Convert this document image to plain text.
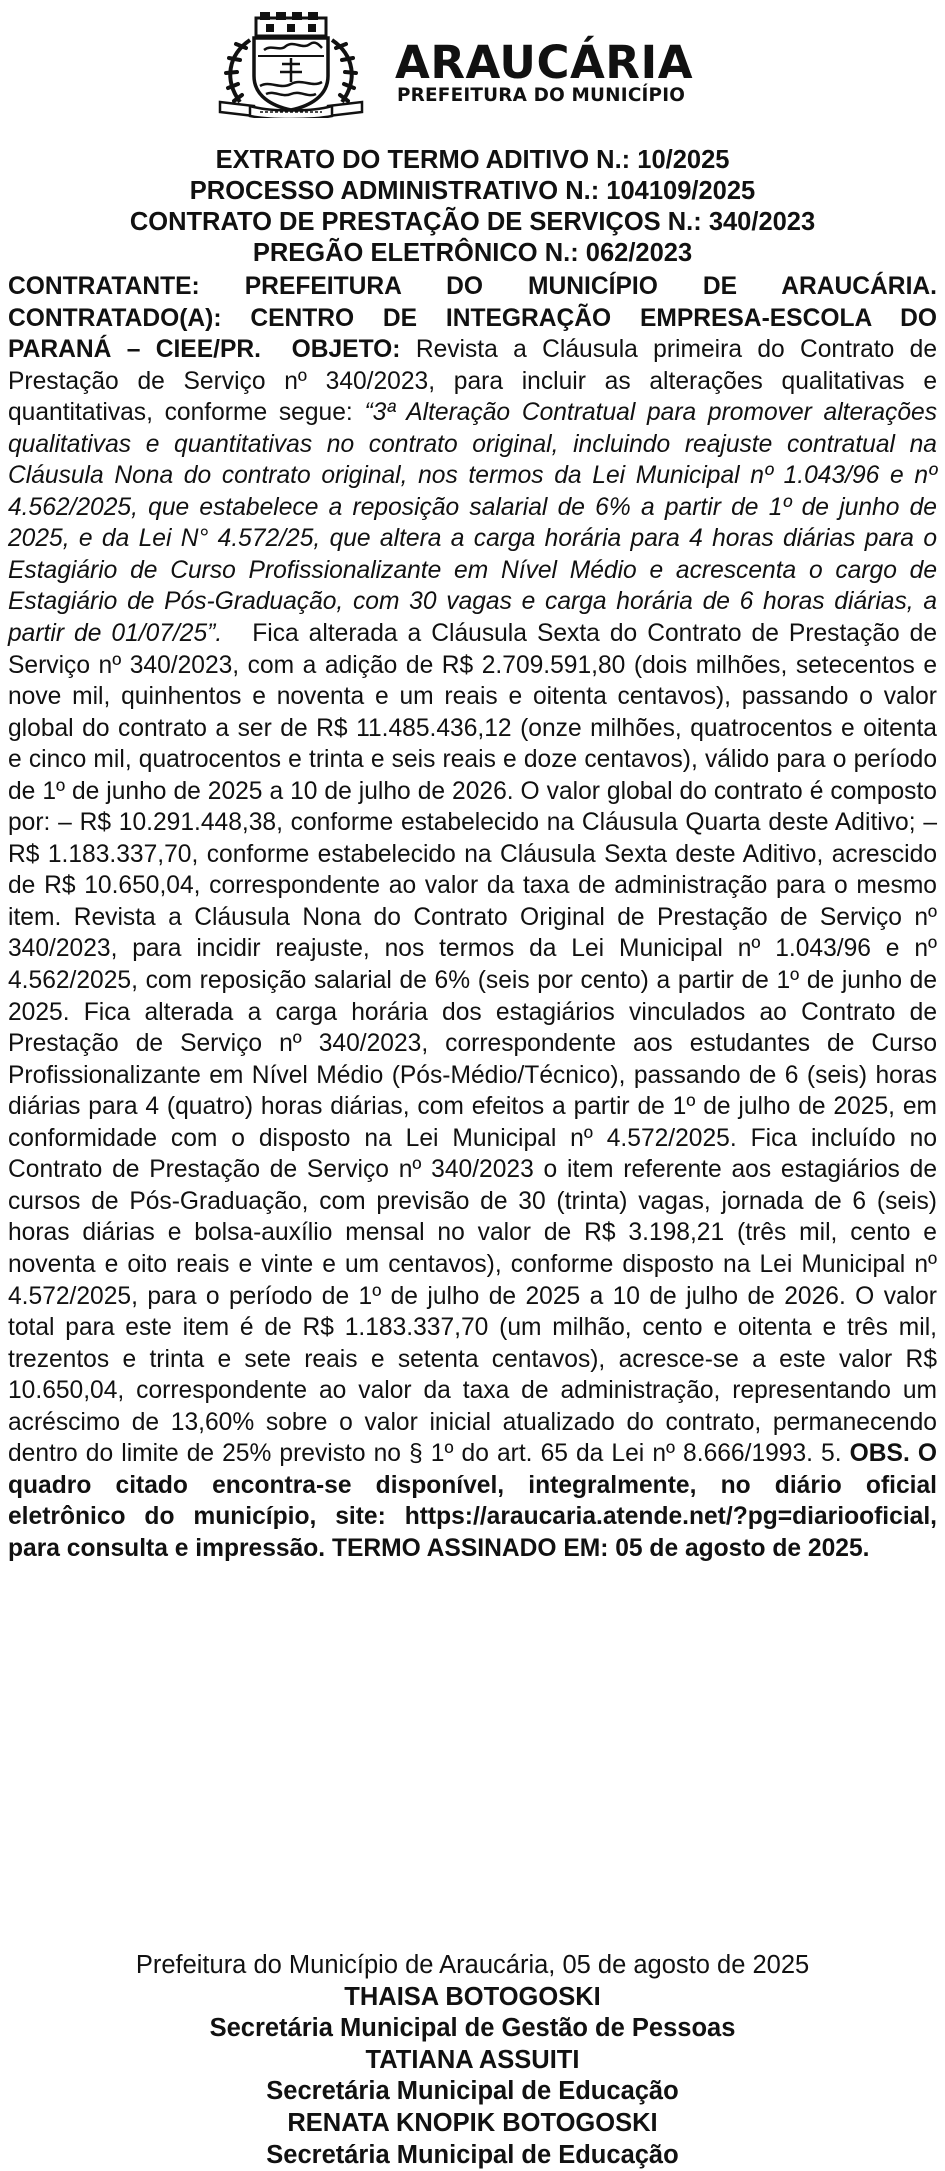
ARAUCÁRIA
PREFEITURA DO MUNICÍPIO
EXTRATO DO TERMO ADITIVO N.: 10/2025
PROCESSO ADMINISTRATIVO N.: 104109/2025
CONTRATO DE PRESTAÇÃO DE SERVIÇOS N.: 340/2023
PREGÃO ELETRÔNICO N.: 062/2023

CONTRATANTE: PREFEITURA DO MUNICÍPIO DE ARAUCÁRIA. CONTRATADO(A): CENTRO DE INTEGRAÇÃO EMPRESA-ESCOLA DO PARANÁ – CIEE/PR. OBJETO: Revista a Cláusula primeira do Contrato de Prestação de Serviço nº 340/2023, para incluir as alterações qualitativas e quantitativas, conforme segue: “3ª Alteração Contratual para promover alterações qualitativas e quantitativas no contrato original, incluindo reajuste contratual na Cláusula Nona do contrato original, nos termos da Lei Municipal nº 1.043/96 e nº 4.562/2025, que estabelece a reposição salarial de 6% a partir de 1º de junho de 2025, e da Lei N° 4.572/25, que altera a carga horária para 4 horas diárias para o Estagiário de Curso Profissionalizante em Nível Médio e acrescenta o cargo de Estagiário de Pós-Graduação, com 30 vagas e carga horária de 6 horas diárias, a partir de 01/07/25”. Fica alterada a Cláusula Sexta do Contrato de Prestação de Serviço nº 340/2023, com a adição de R$ 2.709.591,80 (dois milhões, setecentos e nove mil, quinhentos e noventa e um reais e oitenta centavos), passando o valor global do contrato a ser de R$ 11.485.436,12 (onze milhões, quatrocentos e oitenta e cinco mil, quatrocentos e trinta e seis reais e doze centavos), válido para o período de 1º de junho de 2025 a 10 de julho de 2026. O valor global do contrato é composto por: – R$ 10.291.448,38, conforme estabelecido na Cláusula Quarta deste Aditivo; – R$ 1.183.337,70, conforme estabelecido na Cláusula Sexta deste Aditivo, acrescido de R$ 10.650,04, correspondente ao valor da taxa de administração para o mesmo item. Revista a Cláusula Nona do Contrato Original de Prestação de Serviço nº 340/2023, para incidir reajuste, nos termos da Lei Municipal nº 1.043/96 e nº 4.562/2025, com reposição salarial de 6% (seis por cento) a partir de 1º de junho de 2025. Fica alterada a carga horária dos estagiários vinculados ao Contrato de Prestação de Serviço nº 340/2023, correspondente aos estudantes de Curso Profissionalizante em Nível Médio (Pós-Médio/Técnico), passando de 6 (seis) horas diárias para 4 (quatro) horas diárias, com efeitos a partir de 1º de julho de 2025, em conformidade com o disposto na Lei Municipal nº 4.572/2025. Fica incluído no Contrato de Prestação de Serviço nº 340/2023 o item referente aos estagiários de cursos de Pós-Graduação, com previsão de 30 (trinta) vagas, jornada de 6 (seis) horas diárias e bolsa-auxílio mensal no valor de R$ 3.198,21 (três mil, cento e noventa e oito reais e vinte e um centavos), conforme disposto na Lei Municipal nº 4.572/2025, para o período de 1º de julho de 2025 a 10 de julho de 2026. O valor total para este item é de R$ 1.183.337,70 (um milhão, cento e oitenta e três mil, trezentos e trinta e sete reais e setenta centavos), acresce-se a este valor R$ 10.650,04, correspondente ao valor da taxa de administração, representando um acréscimo de 13,60% sobre o valor inicial atualizado do contrato, permanecendo dentro do limite de 25% previsto no § 1º do art. 65 da Lei nº 8.666/1993. 5. OBS. O quadro citado encontra-se disponível, integralmente, no diário oficial eletrônico do município, site: https://araucaria.atende.net/?pg=diariooficial, para consulta e impressão. TERMO ASSINADO EM: 05 de agosto de 2025.

Prefeitura do Município de Araucária, 05 de agosto de 2025
THAISA BOTOGOSKI
Secretária Municipal de Gestão de Pessoas
TATIANA ASSUITI
Secretária Municipal de Educação
RENATA KNOPIK BOTOGOSKI
Secretária Municipal de Educação
